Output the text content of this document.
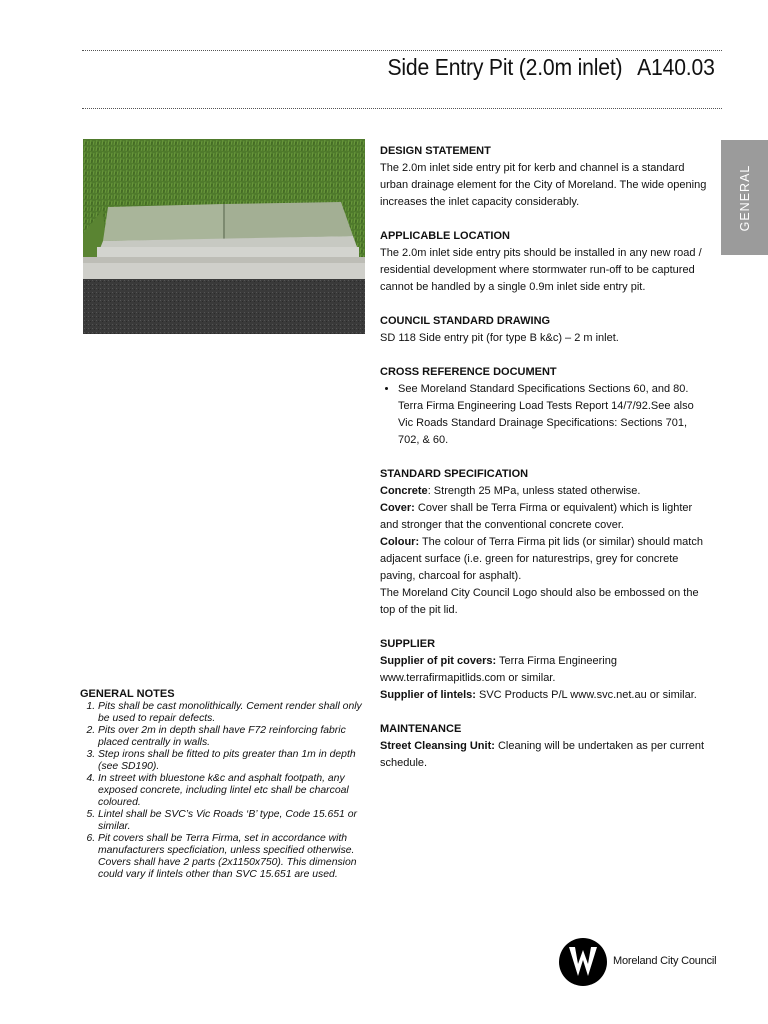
Side Entry Pit (2.0m inlet) A140.03
GENERAL
DESIGN STATEMENT

The 2.0m inlet side entry pit for kerb and channel is a standard urban drainage element for the City of Moreland. The wide opening increases the inlet capacity considerably.

APPLICABLE LOCATION

The 2.0m inlet side entry pits should be installed in any new road / residential development where stormwater run-off to be captured cannot be handled by a single 0.9m inlet side entry pit.

COUNCIL STANDARD DRAWING

SD 118 Side entry pit (for type B k&c) – 2 m inlet.

CROSS REFERENCE DOCUMENT
• See Moreland Standard Specifications Sections 60, and 80. Terra Firma Engineering Load Tests Report 14/7/92.See also Vic Roads Standard Drainage Specifications: Sections 701, 702, & 60.
STANDARD SPECIFICATION

Concrete: Strength 25 MPa, unless stated otherwise.

Cover: Cover shall be Terra Firma or equivalent) which is lighter and stronger that the conventional concrete cover.

Colour: The colour of Terra Firma pit lids (or similar) should match adjacent surface (i.e. green for naturestrips, grey for concrete paving, charcoal for asphalt).

The Moreland City Council Logo should also be embossed on the top of the pit lid.

SUPPLIER

Supplier of pit covers: Terra Firma Engineering www.terrafirmapitlids.com or similar.

Supplier of lintels: SVC Products P/L www.svc.net.au or similar.

MAINTENANCE

Street Cleansing Unit: Cleaning will be undertaken as per current schedule.

GENERAL NOTES
1. Pits shall be cast monolithically. Cement render shall only be used to repair defects.
2. Pits over 2m in depth shall have F72 reinforcing fabric placed centrally in walls.
3. Step irons shall be fitted to pits greater than 1m in depth (see SD190).
4. In street with bluestone k&c and asphalt footpath, any exposed concrete, including lintel etc shall be charcoal coloured.
5. Lintel shall be SVC’s Vic Roads ‘B’ type, Code 15.651 or similar.
6. Pit covers shall be Terra Firma, set in accordance with manufacturers specficiation, unless specified otherwise. Covers shall have 2 parts (2x1150x750). This dimension could vary if lintels other than SVC 15.651 are used.
Moreland City Council
